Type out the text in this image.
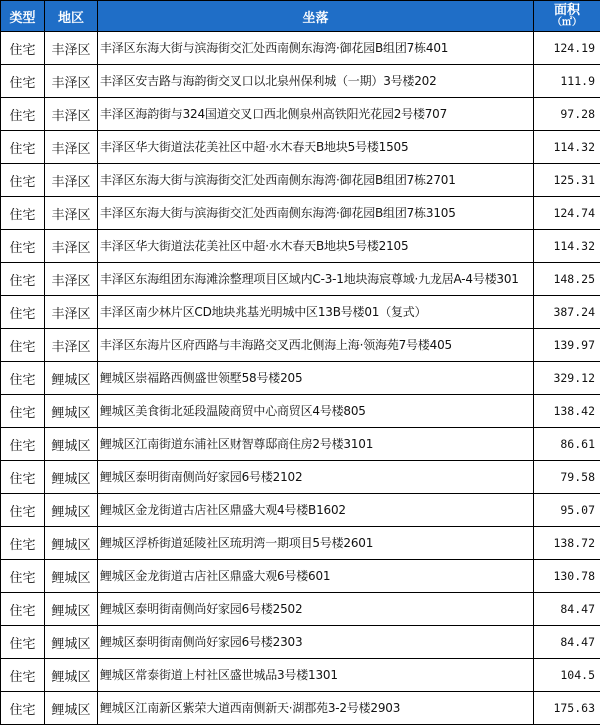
类型	地区	坐落	面积
（㎡）

住宅	丰泽区	丰泽区东海大街与滨海街交汇处西南侧东海湾·御花园B组团7栋401	124.19
住宅	丰泽区	丰泽区安吉路与海韵街交叉口以北泉州保利城（一期）3号楼202	111.9
住宅	丰泽区	丰泽区海韵街与324国道交叉口西北侧泉州高铁阳光花园2号楼707	97.28
住宅	丰泽区	丰泽区华大街道法花美社区中超·水木春天B地块5号楼1505	114.32
住宅	丰泽区	丰泽区东海大街与滨海街交汇处西南侧东海湾·御花园B组团7栋2701	125.31
住宅	丰泽区	丰泽区东海大街与滨海街交汇处西南侧东海湾·御花园B组团7栋3105	124.74
住宅	丰泽区	丰泽区华大街道法花美社区中超·水木春天B地块5号楼2105	114.32
住宅	丰泽区	丰泽区东海组团东海滩涂整理项目区域内C-3-1地块海宸尊域·九龙居A-4号楼301	148.25
住宅	丰泽区	丰泽区南少林片区CD地块兆基光明城中区13B号楼01（复式）	387.24
住宅	丰泽区	丰泽区东海片区府西路与丰海路交叉西北侧海上海·领海苑7号楼405	139.97
住宅	鲤城区	鲤城区崇福路西侧盛世领墅58号楼205	329.12
住宅	鲤城区	鲤城区美食街北延段温陵商贸中心商贸区4号楼805	138.42
住宅	鲤城区	鲤城区江南街道东浦社区财智尊邸商住房2号楼3101	86.61
住宅	鲤城区	鲤城区泰明街南侧尚好家园6号楼2102	79.58
住宅	鲤城区	鲤城区金龙街道古店社区鼎盛大观4号楼B1602	95.07
住宅	鲤城区	鲤城区浮桥街道延陵社区琉玥湾一期项目5号楼2601	138.72
住宅	鲤城区	鲤城区金龙街道古店社区鼎盛大观6号楼601	130.78
住宅	鲤城区	鲤城区泰明街南侧尚好家园6号楼2502	84.47
住宅	鲤城区	鲤城区泰明街南侧尚好家园6号楼2303	84.47
住宅	鲤城区	鲤城区常泰街道上村社区盛世城品3号楼1301	104.5
住宅	鲤城区	鲤城区江南新区紫荣大道西南侧新天·湖郡苑3-2号楼2903	175.63
